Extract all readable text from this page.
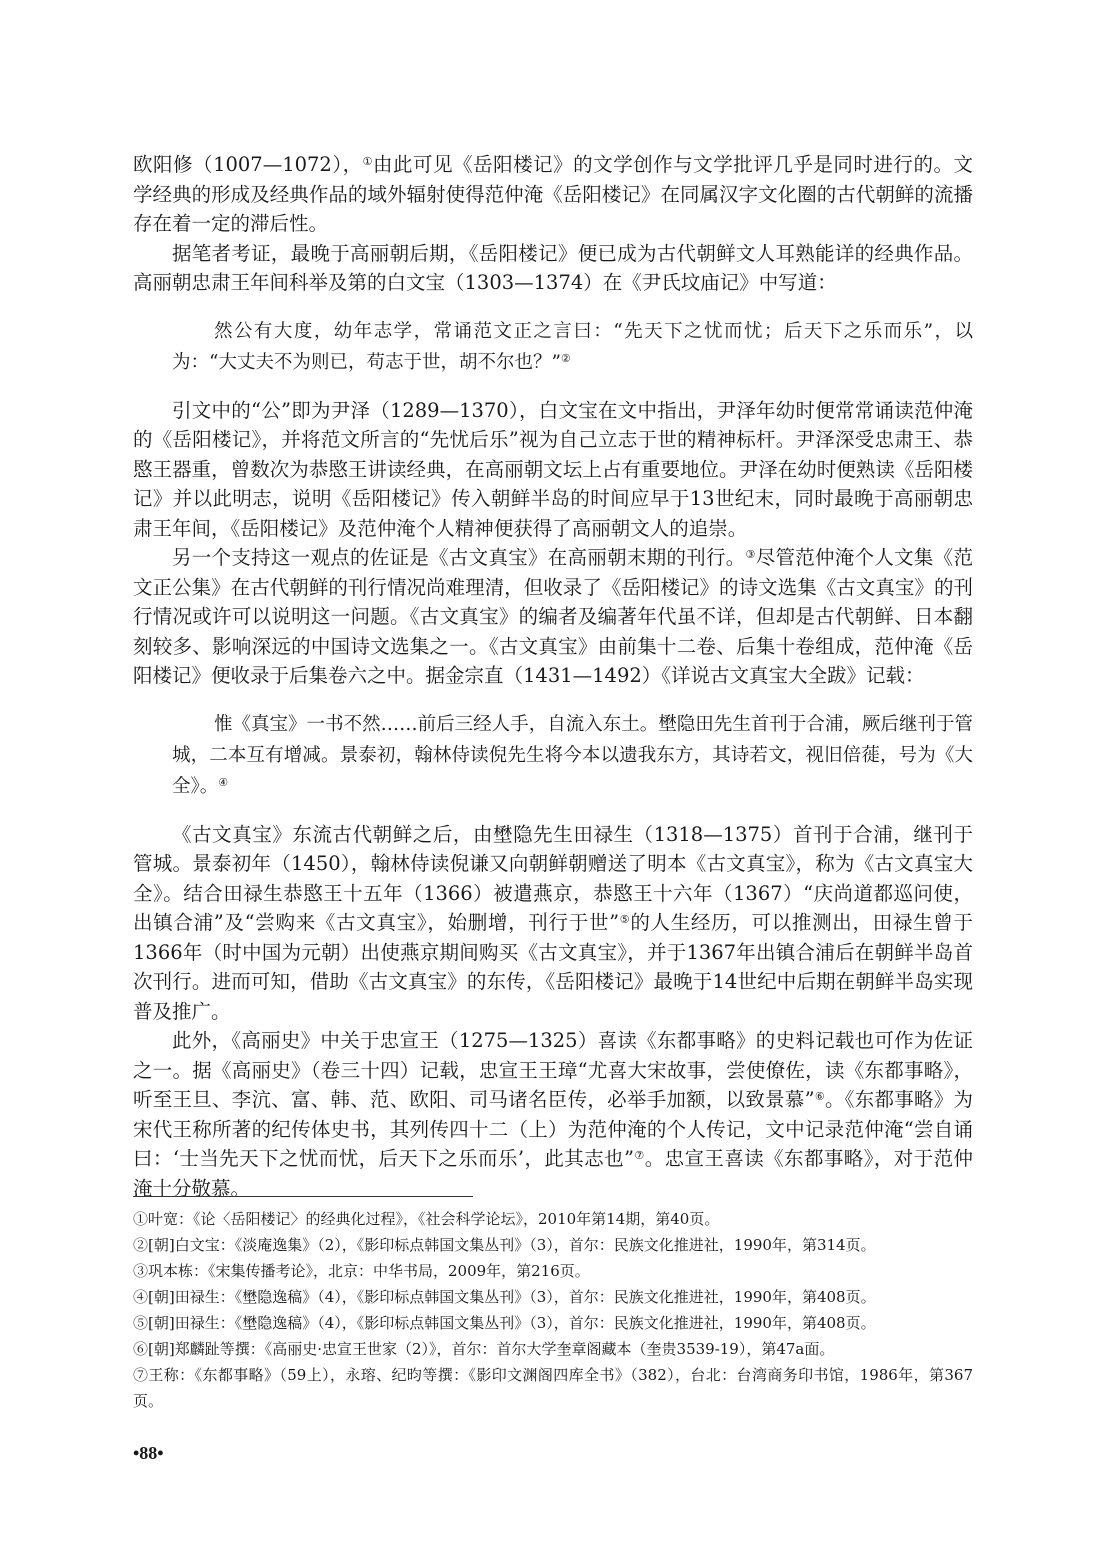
欧阳修（1007—1072），①由此可见《岳阳楼记》的文学创作与文学批评几乎是同时进行的。文学经典的形成及经典作品的域外辐射使得范仲淹《岳阳楼记》在同属汉字文化圈的古代朝鲜的流播存在着一定的滞后性。

据笔者考证，最晚于高丽朝后期，《岳阳楼记》便已成为古代朝鲜文人耳熟能详的经典作品。高丽朝忠肃王年间科举及第的白文宝（1303—1374）在《尹氏坟庙记》中写道：

然公有大度，幼年志学，常诵范文正之言曰：“先天下之忧而忧；后天下之乐而乐”，以为：“大丈夫不为则已，苟志于世，胡不尔也？”②

引文中的“公”即为尹泽（1289—1370），白文宝在文中指出，尹泽年幼时便常常诵读范仲淹的《岳阳楼记》，并将范文所言的“先忧后乐”视为自己立志于世的精神标杆。尹泽深受忠肃王、恭愍王器重，曾数次为恭愍王讲读经典，在高丽朝文坛上占有重要地位。尹泽在幼时便熟读《岳阳楼记》并以此明志，说明《岳阳楼记》传入朝鲜半岛的时间应早于13世纪末，同时最晚于高丽朝忠肃王年间，《岳阳楼记》及范仲淹个人精神便获得了高丽朝文人的追崇。

另一个支持这一观点的佐证是《古文真宝》在高丽朝末期的刊行。③尽管范仲淹个人文集《范文正公集》在古代朝鲜的刊行情况尚难理清，但收录了《岳阳楼记》的诗文选集《古文真宝》的刊行情况或许可以说明这一问题。《古文真宝》的编者及编著年代虽不详，但却是古代朝鲜、日本翻刻较多、影响深远的中国诗文选集之一。《古文真宝》由前集十二卷、后集十卷组成，范仲淹《岳阳楼记》便收录于后集卷六之中。据金宗直（1431—1492）《详说古文真宝大全跋》记载：

惟《真宝》一书不然……前后三经人手，自流入东土。壄隐田先生首刊于合浦，厥后继刊于管城，二本互有增减。景泰初，翰林侍读倪先生将今本以遗我东方，其诗若文，视旧倍蓰，号为《大全》。④

《古文真宝》东流古代朝鲜之后，由壄隐先生田禄生（1318—1375）首刊于合浦，继刊于管城。景泰初年（1450），翰林侍读倪谦又向朝鲜朝赠送了明本《古文真宝》，称为《古文真宝大全》。结合田禄生恭愍王十五年（1366）被遣燕京，恭愍王十六年（1367）“庆尚道都巡问使，出镇合浦”及“尝购来《古文真宝》，始删增，刊行于世”⑤的人生经历，可以推测出，田禄生曾于1366年（时中国为元朝）出使燕京期间购买《古文真宝》，并于1367年出镇合浦后在朝鲜半岛首次刊行。进而可知，借助《古文真宝》的东传，《岳阳楼记》最晚于14世纪中后期在朝鲜半岛实现普及推广。

此外，《高丽史》中关于忠宣王（1275—1325）喜读《东都事略》的史料记载也可作为佐证之一。据《高丽史》（卷三十四）记载，忠宣王王璋“尤喜大宋故事，尝使僚佐，读《东都事略》，听至王旦、李沆、富、韩、范、欧阳、司马诸名臣传，必举手加额，以致景慕”⑥。《东都事略》为宋代王称所著的纪传体史书，其列传四十二（上）为范仲淹的个人传记，文中记录范仲淹“尝自诵曰：‘士当先天下之忧而忧，后天下之乐而乐’，此其志也”⑦。忠宣王喜读《东都事略》，对于范仲淹十分敬慕。

①叶宽：《论〈岳阳楼记〉的经典化过程》，《社会科学论坛》，2010年第14期，第40页。

②[朝]白文宝：《淡庵逸集》（2），《影印标点韩国文集丛刊》（3），首尔：民族文化推进社，1990年，第314页。

③巩本栋：《宋集传播考论》，北京：中华书局，2009年，第216页。

④[朝]田禄生：《壄隐逸稿》（4），《影印标点韩国文集丛刊》（3），首尔：民族文化推进社，1990年，第408页。

⑤[朝]田禄生：《壄隐逸稿》（4），《影印标点韩国文集丛刊》（3），首尔：民族文化推进社，1990年，第408页。

⑥[朝]郑麟趾等撰：《高丽史·忠宣王世家（2）》，首尔：首尔大学奎章阁藏本（奎贵3539-19），第47a面。

⑦王称：《东都事略》（59上），永瑢、纪昀等撰：《影印文渊阁四库全书》（382），台北：台湾商务印书馆，1986年，第367页。

•88•
